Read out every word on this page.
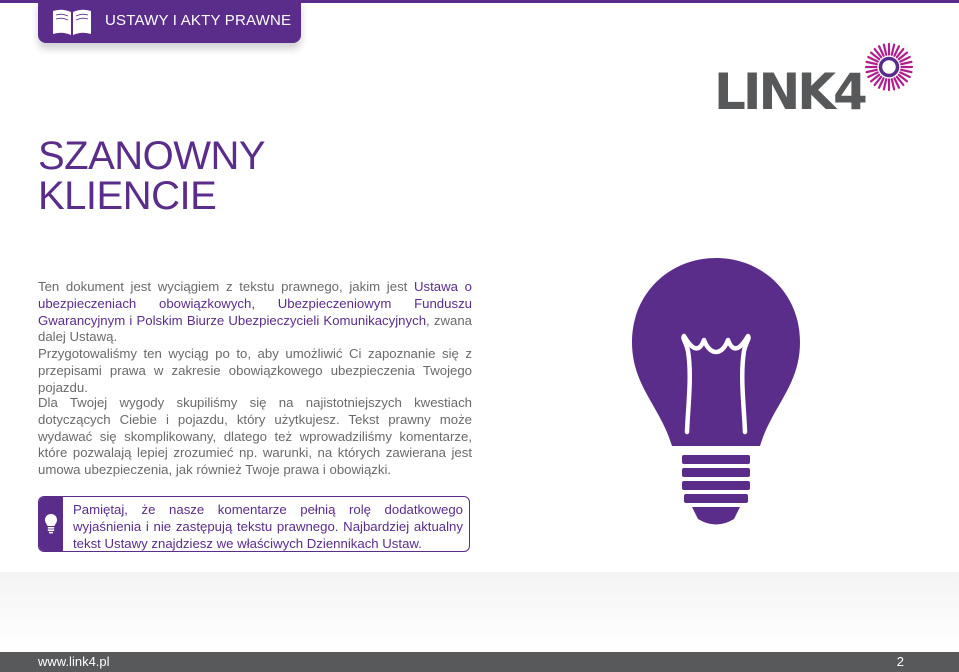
USTAWY I AKTY PRAWNE
LINK4
SZANOWNY
KLIENCIE

Ten dokument jest wyciągiem z tekstu prawnego, jakim jest Ustawa o ubezpieczeniach obowiązkowych, Ubezpieczeniowym Funduszu Gwarancyjnym i Polskim Biurze Ubezpieczycieli Komunikacyjnych, zwana dalej Ustawą.

Przygotowaliśmy ten wyciąg po to, aby umożliwić Ci zapoznanie się z przepisami prawa w zakresie obowiązkowego ubezpieczenia Twojego pojazdu.

Dla Twojej wygody skupiliśmy się na najistotniejszych kwestiach dotyczących Ciebie i pojazdu, który użytkujesz. Tekst prawny może wydawać się skomplikowany, dlatego też wprowadziliśmy komentarze, które pozwalają lepiej zrozumieć np. warunki, na których zawierana jest umowa ubezpieczenia, jak również Twoje prawa i obowiązki.

Pamiętaj, że nasze komentarze pełnią rolę dodatkowego wyjaśnienia i nie zastępują tekstu prawnego. Najbardziej aktualny tekst Ustawy znajdziesz we właściwych Dziennikach Ustaw.

www.link4.pl	2
